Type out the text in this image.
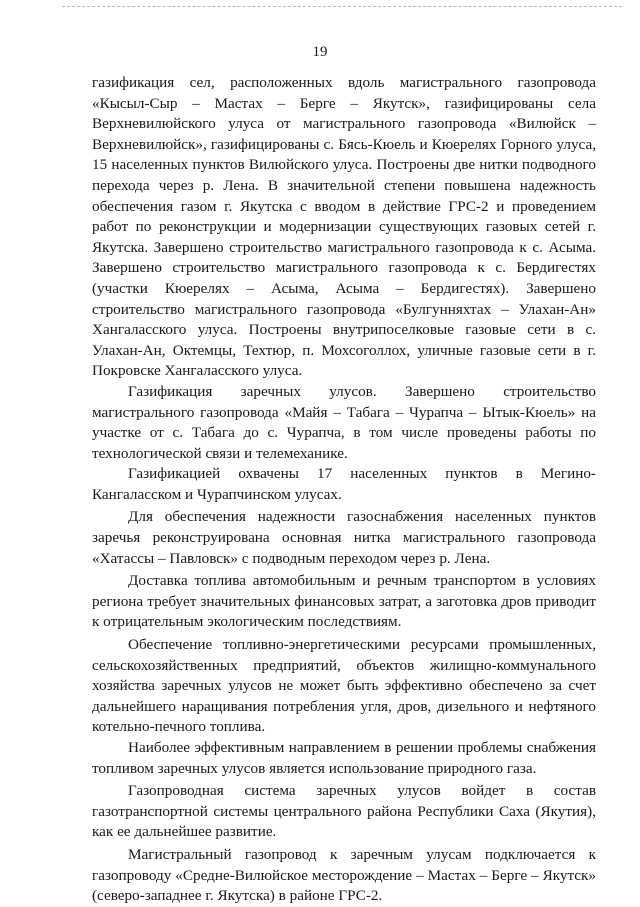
19

газификация сел, расположенных вдоль магистрального газопровода «Кысыл-Сыр – Мастах – Берге – Якутск», газифицированы села Верхневилюйского улуса от магистрального газопровода «Вилюйск – Верхневилюйск», газифицированы с. Бясь-Кюель и Кюерелях Горного улуса, 15 населенных пунктов Вилюйского улуса. Построены две нитки подводного перехода через р. Лена. В значительной степени повышена надежность обеспечения газом г. Якутска с вводом в действие ГРС-2 и проведением работ по реконструкции и модернизации существующих газовых сетей г. Якутска. Завершено строительство магистрального газопровода к с. Асыма. Завершено строительство магистрального газопровода к с. Бердигестях (участки Кюерелях – Асыма, Асыма – Бердигестях). Завершено строительство магистрального газопровода «Булгунняхтах – Улахан-Ан» Хангаласского улуса. Построены внутрипоселковые газовые сети в с. Улахан-Ан, Октемцы, Техтюр, п. Мохсоголлох, уличные газовые сети в г. Покровске Хангаласского улуса.

Газификация заречных улусов. Завершено строительство магистрального газопровода «Майя – Табага – Чурапча – Ытык-Кюель» на участке от с. Табага до с. Чурапча, в том числе проведены работы по технологической связи и телемеханике.

Газификацией охвачены 17 населенных пунктов в Мегино-Кангаласском и Чурапчинском улусах.

Для обеспечения надежности газоснабжения населенных пунктов заречья реконструирована основная нитка магистрального газопровода «Хатассы – Павловск» с подводным переходом через р. Лена.

Доставка топлива автомобильным и речным транспортом в условиях региона требует значительных финансовых затрат, а заготовка дров приводит к отрицательным экологическим последствиям.

Обеспечение топливно-энергетическими ресурсами промышленных, сельскохозяйственных предприятий, объектов жилищно-коммунального хозяйства заречных улусов не может быть эффективно обеспечено за счет дальнейшего наращивания потребления угля, дров, дизельного и нефтяного котельно-печного топлива.

Наиболее эффективным направлением в решении проблемы снабжения топливом заречных улусов является использование природного газа.

Газопроводная система заречных улусов войдет в состав газотранспортной системы центрального района Республики Саха (Якутия), как ее дальнейшее развитие.

Магистральный газопровод к заречным улусам подключается к газопроводу «Средне-Вилюйское месторождение – Мастах – Берге – Якутск» (северо-западнее г. Якутска) в районе ГРС-2.
